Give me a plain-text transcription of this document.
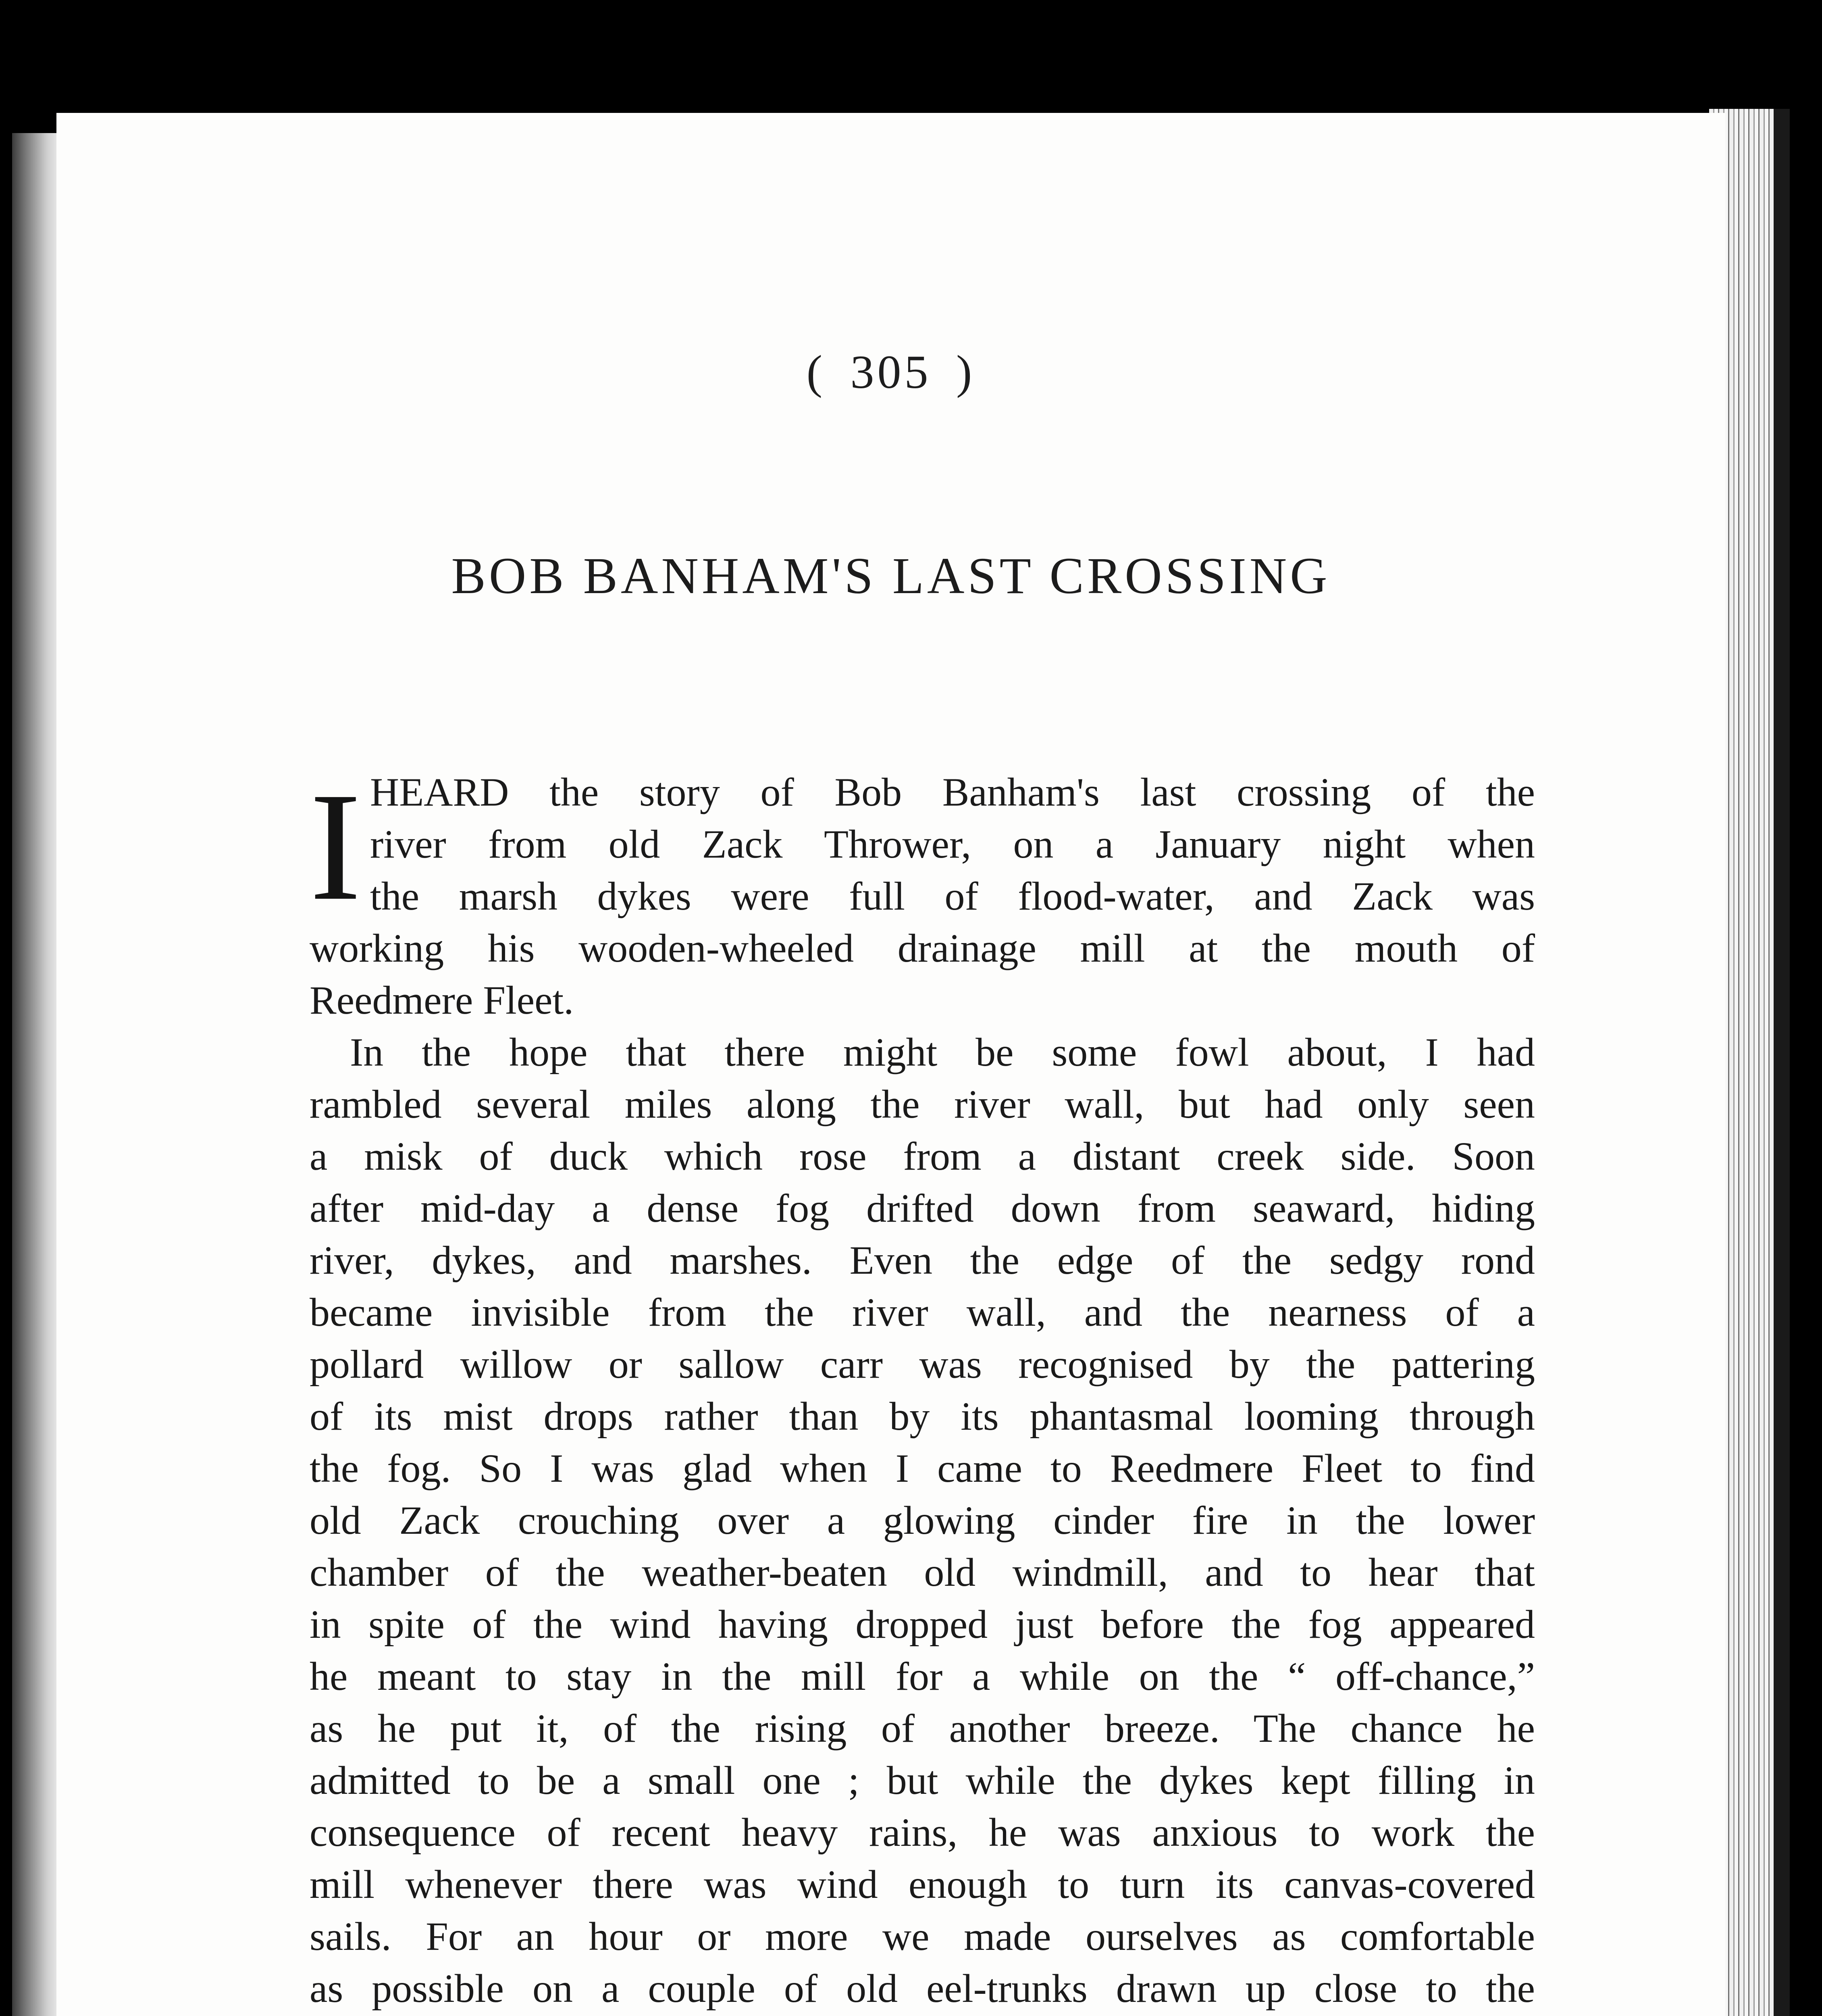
( 305 )
BOB BANHAM'S LAST CROSSING
I HEARD the story of Bob Banham's last crossing of the
river from old Zack Thrower, on a January night when
the marsh dykes were full of flood-water, and Zack was
working his wooden-wheeled drainage mill at the mouth of
Reedmere Fleet.
In the hope that there might be some fowl about, I had
rambled several miles along the river wall, but had only seen
a misk of duck which rose from a distant creek side. Soon
after mid-day a dense fog drifted down from seaward, hiding
river, dykes, and marshes. Even the edge of the sedgy rond
became invisible from the river wall, and the nearness of a
pollard willow or sallow carr was recognised by the pattering
of its mist drops rather than by its phantasmal looming through
the fog. So I was glad when I came to Reedmere Fleet to find
old Zack crouching over a glowing cinder fire in the lower
chamber of the weather-beaten old windmill, and to hear that
in spite of the wind having dropped just before the fog appeared
he meant to stay in the mill for a while on the “ off-chance,”
as he put it, of the rising of another breeze. The chance he
admitted to be a small one ; but while the dykes kept filling in
consequence of recent heavy rains, he was anxious to work the
mill whenever there was wind enough to turn its canvas-covered
sails. For an hour or more we made ourselves as comfortable
as possible on a couple of old eel-trunks drawn up close to the
